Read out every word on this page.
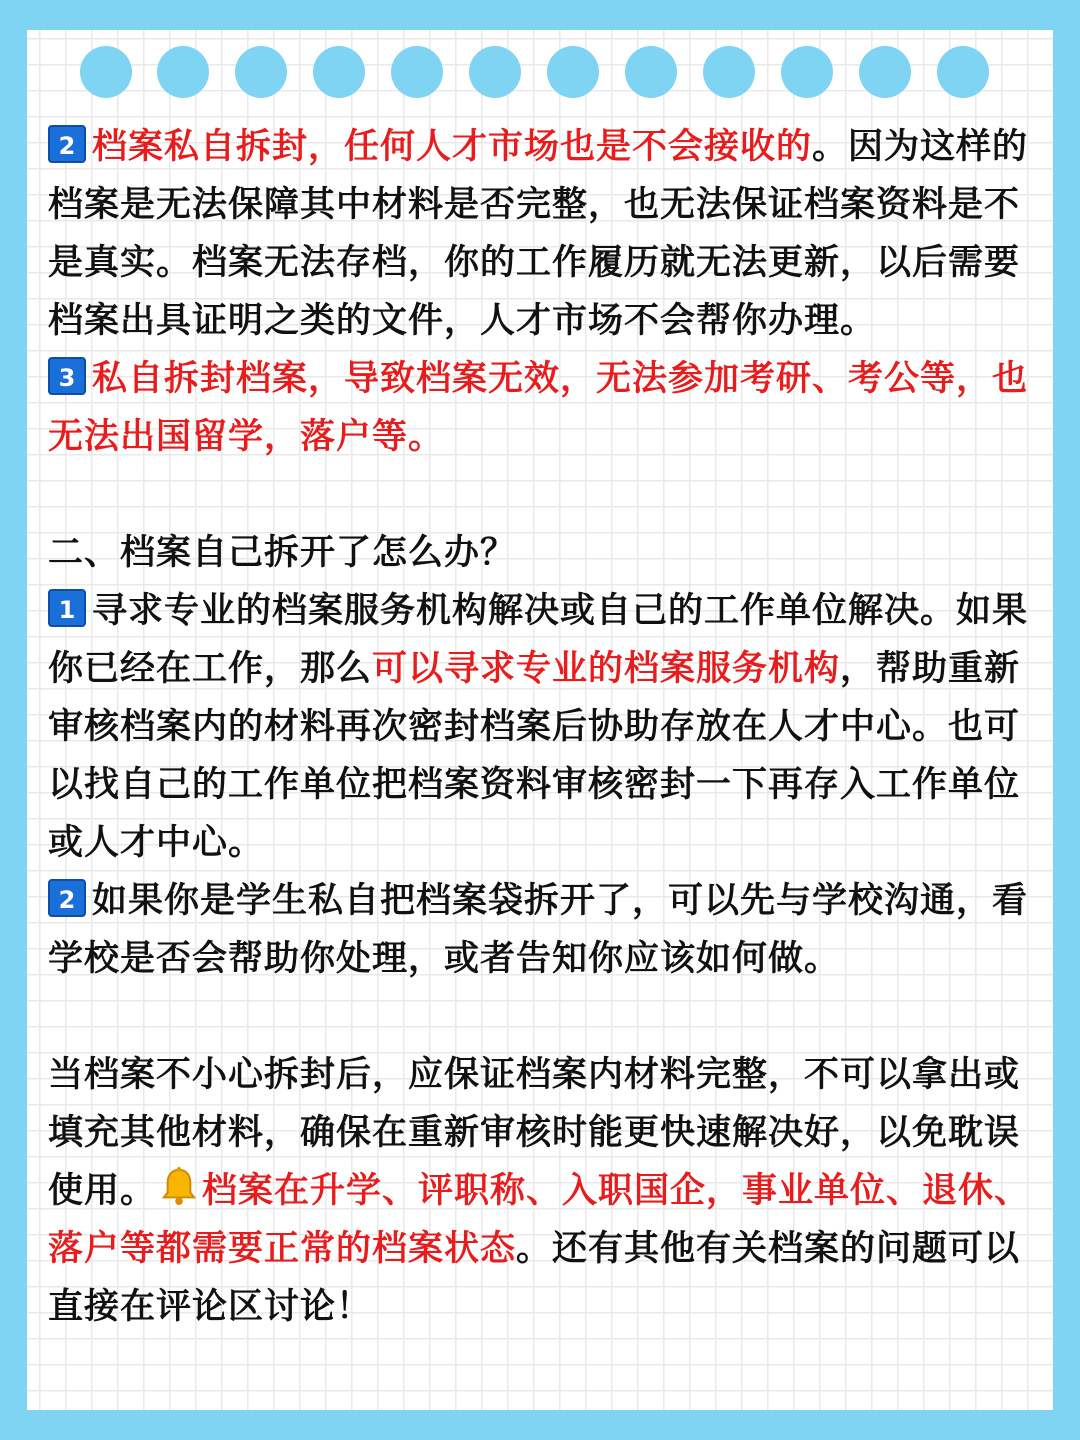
2 档案私自拆封，任何人才市场也是不会接收的。因为这样的档案是无法保障其中材料是否完整，也无法保证档案资料是不是真实。档案无法存档，你的工作履历就无法更新，以后需要档案出具证明之类的文件，人才市场不会帮你办理。

3 私自拆封档案，导致档案无效，无法参加考研、考公等，也无法出国留学，落户等。

二、档案自己拆开了怎么办？

1 寻求专业的档案服务机构解决或自己的工作单位解决。如果你已经在工作，那么可以寻求专业的档案服务机构，帮助重新审核档案内的材料再次密封档案后协助存放在人才中心。也可以找自己的工作单位把档案资料审核密封一下再存入工作单位或人才中心。

2 如果你是学生私自把档案袋拆开了，可以先与学校沟通，看学校是否会帮助你处理，或者告知你应该如何做。

当档案不小心拆封后，应保证档案内材料完整，不可以拿出或填充其他材料，确保在重新审核时能更快速解决好，以免耽误使用。 档案在升学、评职称、入职国企，事业单位、退休、落户等都需要正常的档案状态。还有其他有关档案的问题可以直接在评论区讨论！
